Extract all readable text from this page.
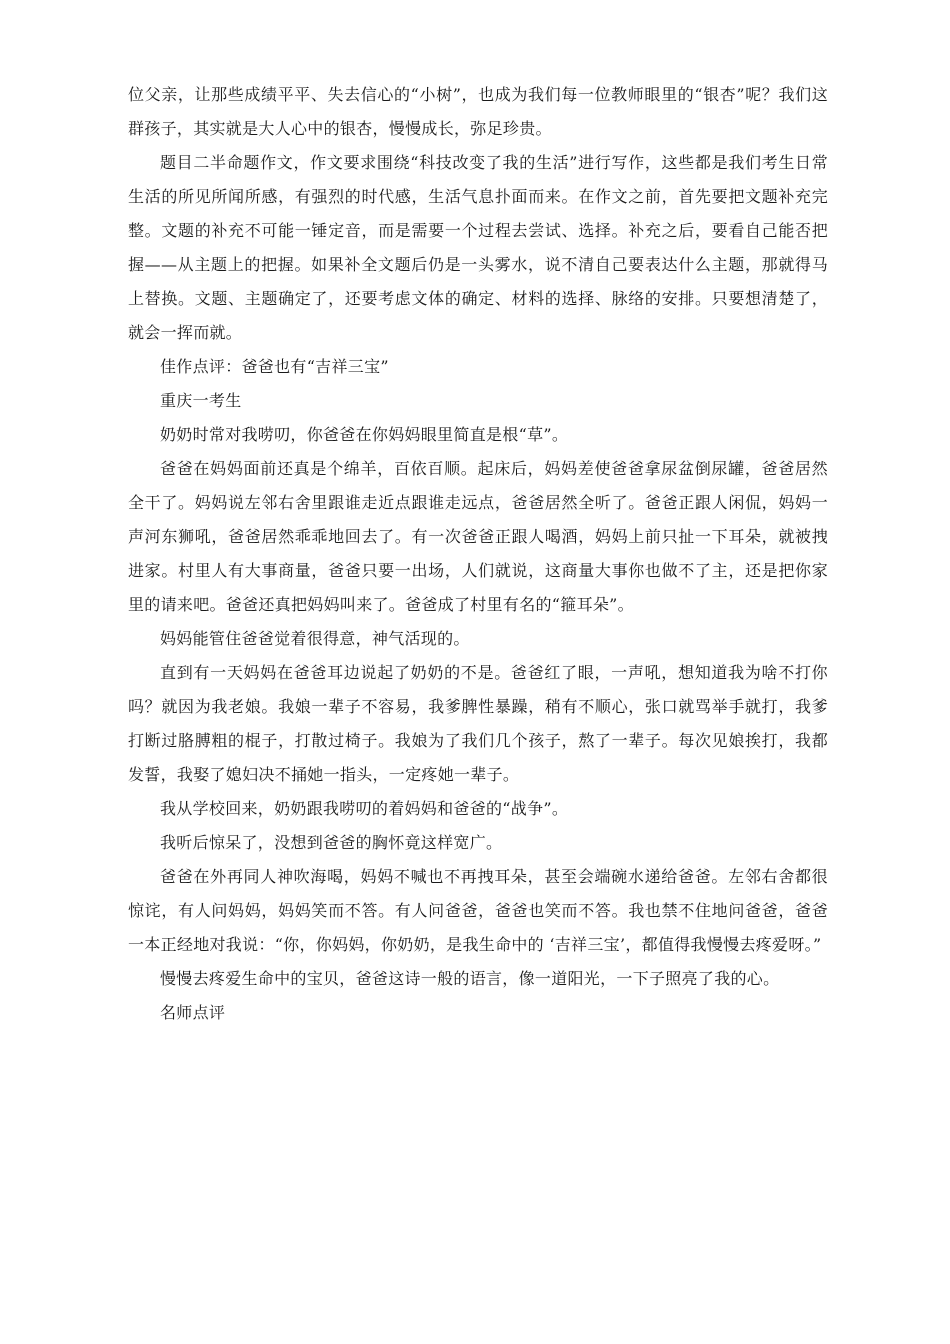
位父亲，让那些成绩平平、失去信心的“小树”，也成为我们每一位教师眼里的“银杏”呢？我们这群孩子，其实就是大人心中的银杏，慢慢成长，弥足珍贵。

题目二半命题作文，作文要求围绕“科技改变了我的生活”进行写作，这些都是我们考生日常生活的所见所闻所感，有强烈的时代感，生活气息扑面而来。在作文之前，首先要把文题补充完整。文题的补充不可能一锤定音，而是需要一个过程去尝试、选择。补充之后，要看自己能否把握——从主题上的把握。如果补全文题后仍是一头雾水，说不清自己要表达什么主题，那就得马上替换。文题、主题确定了，还要考虑文体的确定、材料的选择、脉络的安排。只要想清楚了，就会一挥而就。

佳作点评：爸爸也有“吉祥三宝”

重庆一考生

奶奶时常对我唠叨，你爸爸在你妈妈眼里简直是根“草”。

爸爸在妈妈面前还真是个绵羊，百依百顺。起床后，妈妈差使爸爸拿尿盆倒尿罐，爸爸居然全干了。妈妈说左邻右舍里跟谁走近点跟谁走远点，爸爸居然全听了。爸爸正跟人闲侃，妈妈一声河东狮吼，爸爸居然乖乖地回去了。有一次爸爸正跟人喝酒，妈妈上前只扯一下耳朵，就被拽进家。村里人有大事商量，爸爸只要一出场，人们就说，这商量大事你也做不了主，还是把你家里的请来吧。爸爸还真把妈妈叫来了。爸爸成了村里有名的“箍耳朵”。

妈妈能管住爸爸觉着很得意，神气活现的。

直到有一天妈妈在爸爸耳边说起了奶奶的不是。爸爸红了眼，一声吼，想知道我为啥不打你吗？就因为我老娘。我娘一辈子不容易，我爹脾性暴躁，稍有不顺心，张口就骂举手就打，我爹打断过胳膊粗的棍子，打散过椅子。我娘为了我们几个孩子，熬了一辈子。每次见娘挨打，我都发誓，我娶了媳妇决不捅她一指头，一定疼她一辈子。

我从学校回来，奶奶跟我唠叨的着妈妈和爸爸的“战争”。

我听后惊呆了，没想到爸爸的胸怀竟这样宽广。

爸爸在外再同人神吹海喝，妈妈不喊也不再拽耳朵，甚至会端碗水递给爸爸。左邻右舍都很惊诧，有人问妈妈，妈妈笑而不答。有人问爸爸，爸爸也笑而不答。我也禁不住地问爸爸，爸爸一本正经地对我说：“你，你妈妈，你奶奶，是我生命中的 ‘吉祥三宝’，都值得我慢慢去疼爱呀。”

慢慢去疼爱生命中的宝贝，爸爸这诗一般的语言，像一道阳光，一下子照亮了我的心。

名师点评
